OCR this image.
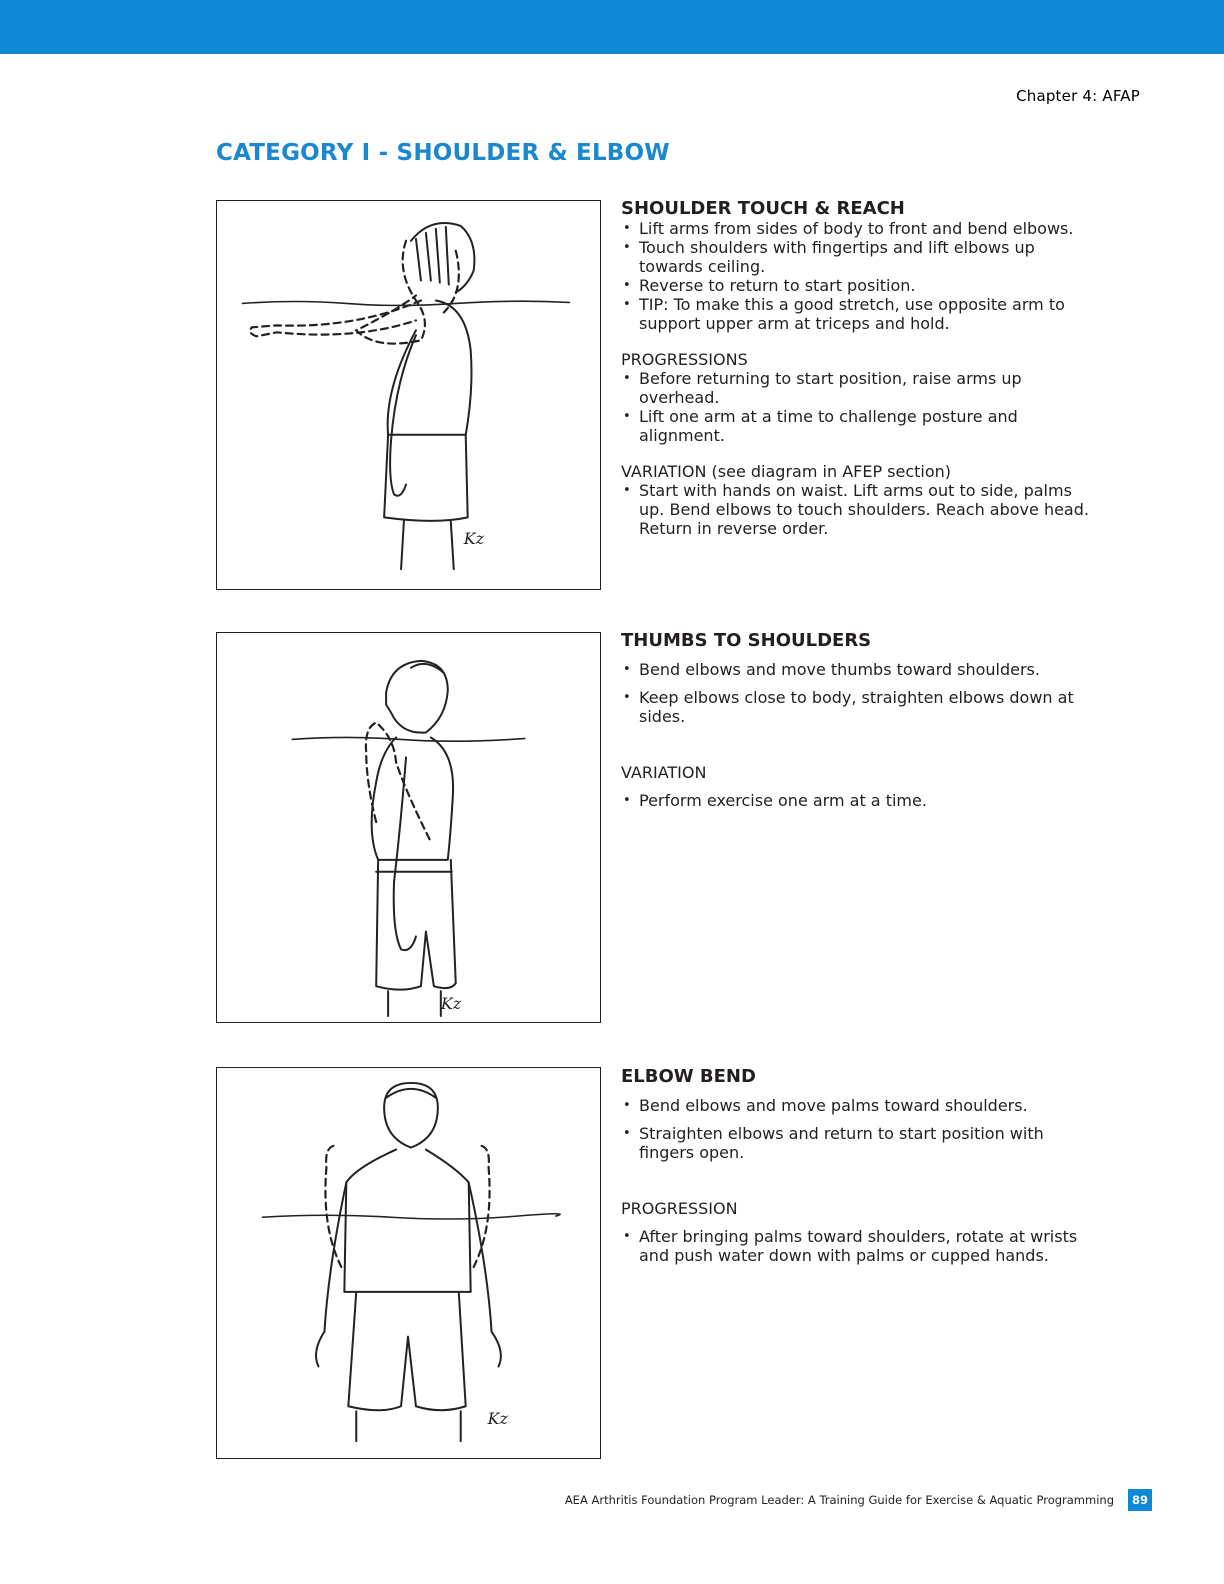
Chapter 4: AFAP
CATEGORY I - SHOULDER & ELBOW
Kz
SHOULDER TOUCH & REACH
• Lift arms from sides of body to front and bend elbows.
• Touch shoulders with fingertips and lift elbows up towards ceiling.
• Reverse to return to start position.
• TIP: To make this a good stretch, use opposite arm to support upper arm at triceps and hold.

PROGRESSIONS

• Before returning to start position, raise arms up overhead.
• Lift one arm at a time to challenge posture and alignment.

VARIATION (see diagram in AFEP section)

• Start with hands on waist. Lift arms out to side, palms up. Bend elbows to touch shoulders. Reach above head. Return in reverse order.
Kz
THUMBS TO SHOULDERS
• Bend elbows and move thumbs toward shoulders.
• Keep elbows close to body, straighten elbows down at sides.

VARIATION

• Perform exercise one arm at a time.
Kz
ELBOW BEND
• Bend elbows and move palms toward shoulders.
• Straighten elbows and return to start position with fingers open.

PROGRESSION

• After bringing palms toward shoulders, rotate at wrists and push water down with palms or cupped hands.
AEA Arthritis Foundation Program Leader: A Training Guide for Exercise & Aquatic Programming	89
